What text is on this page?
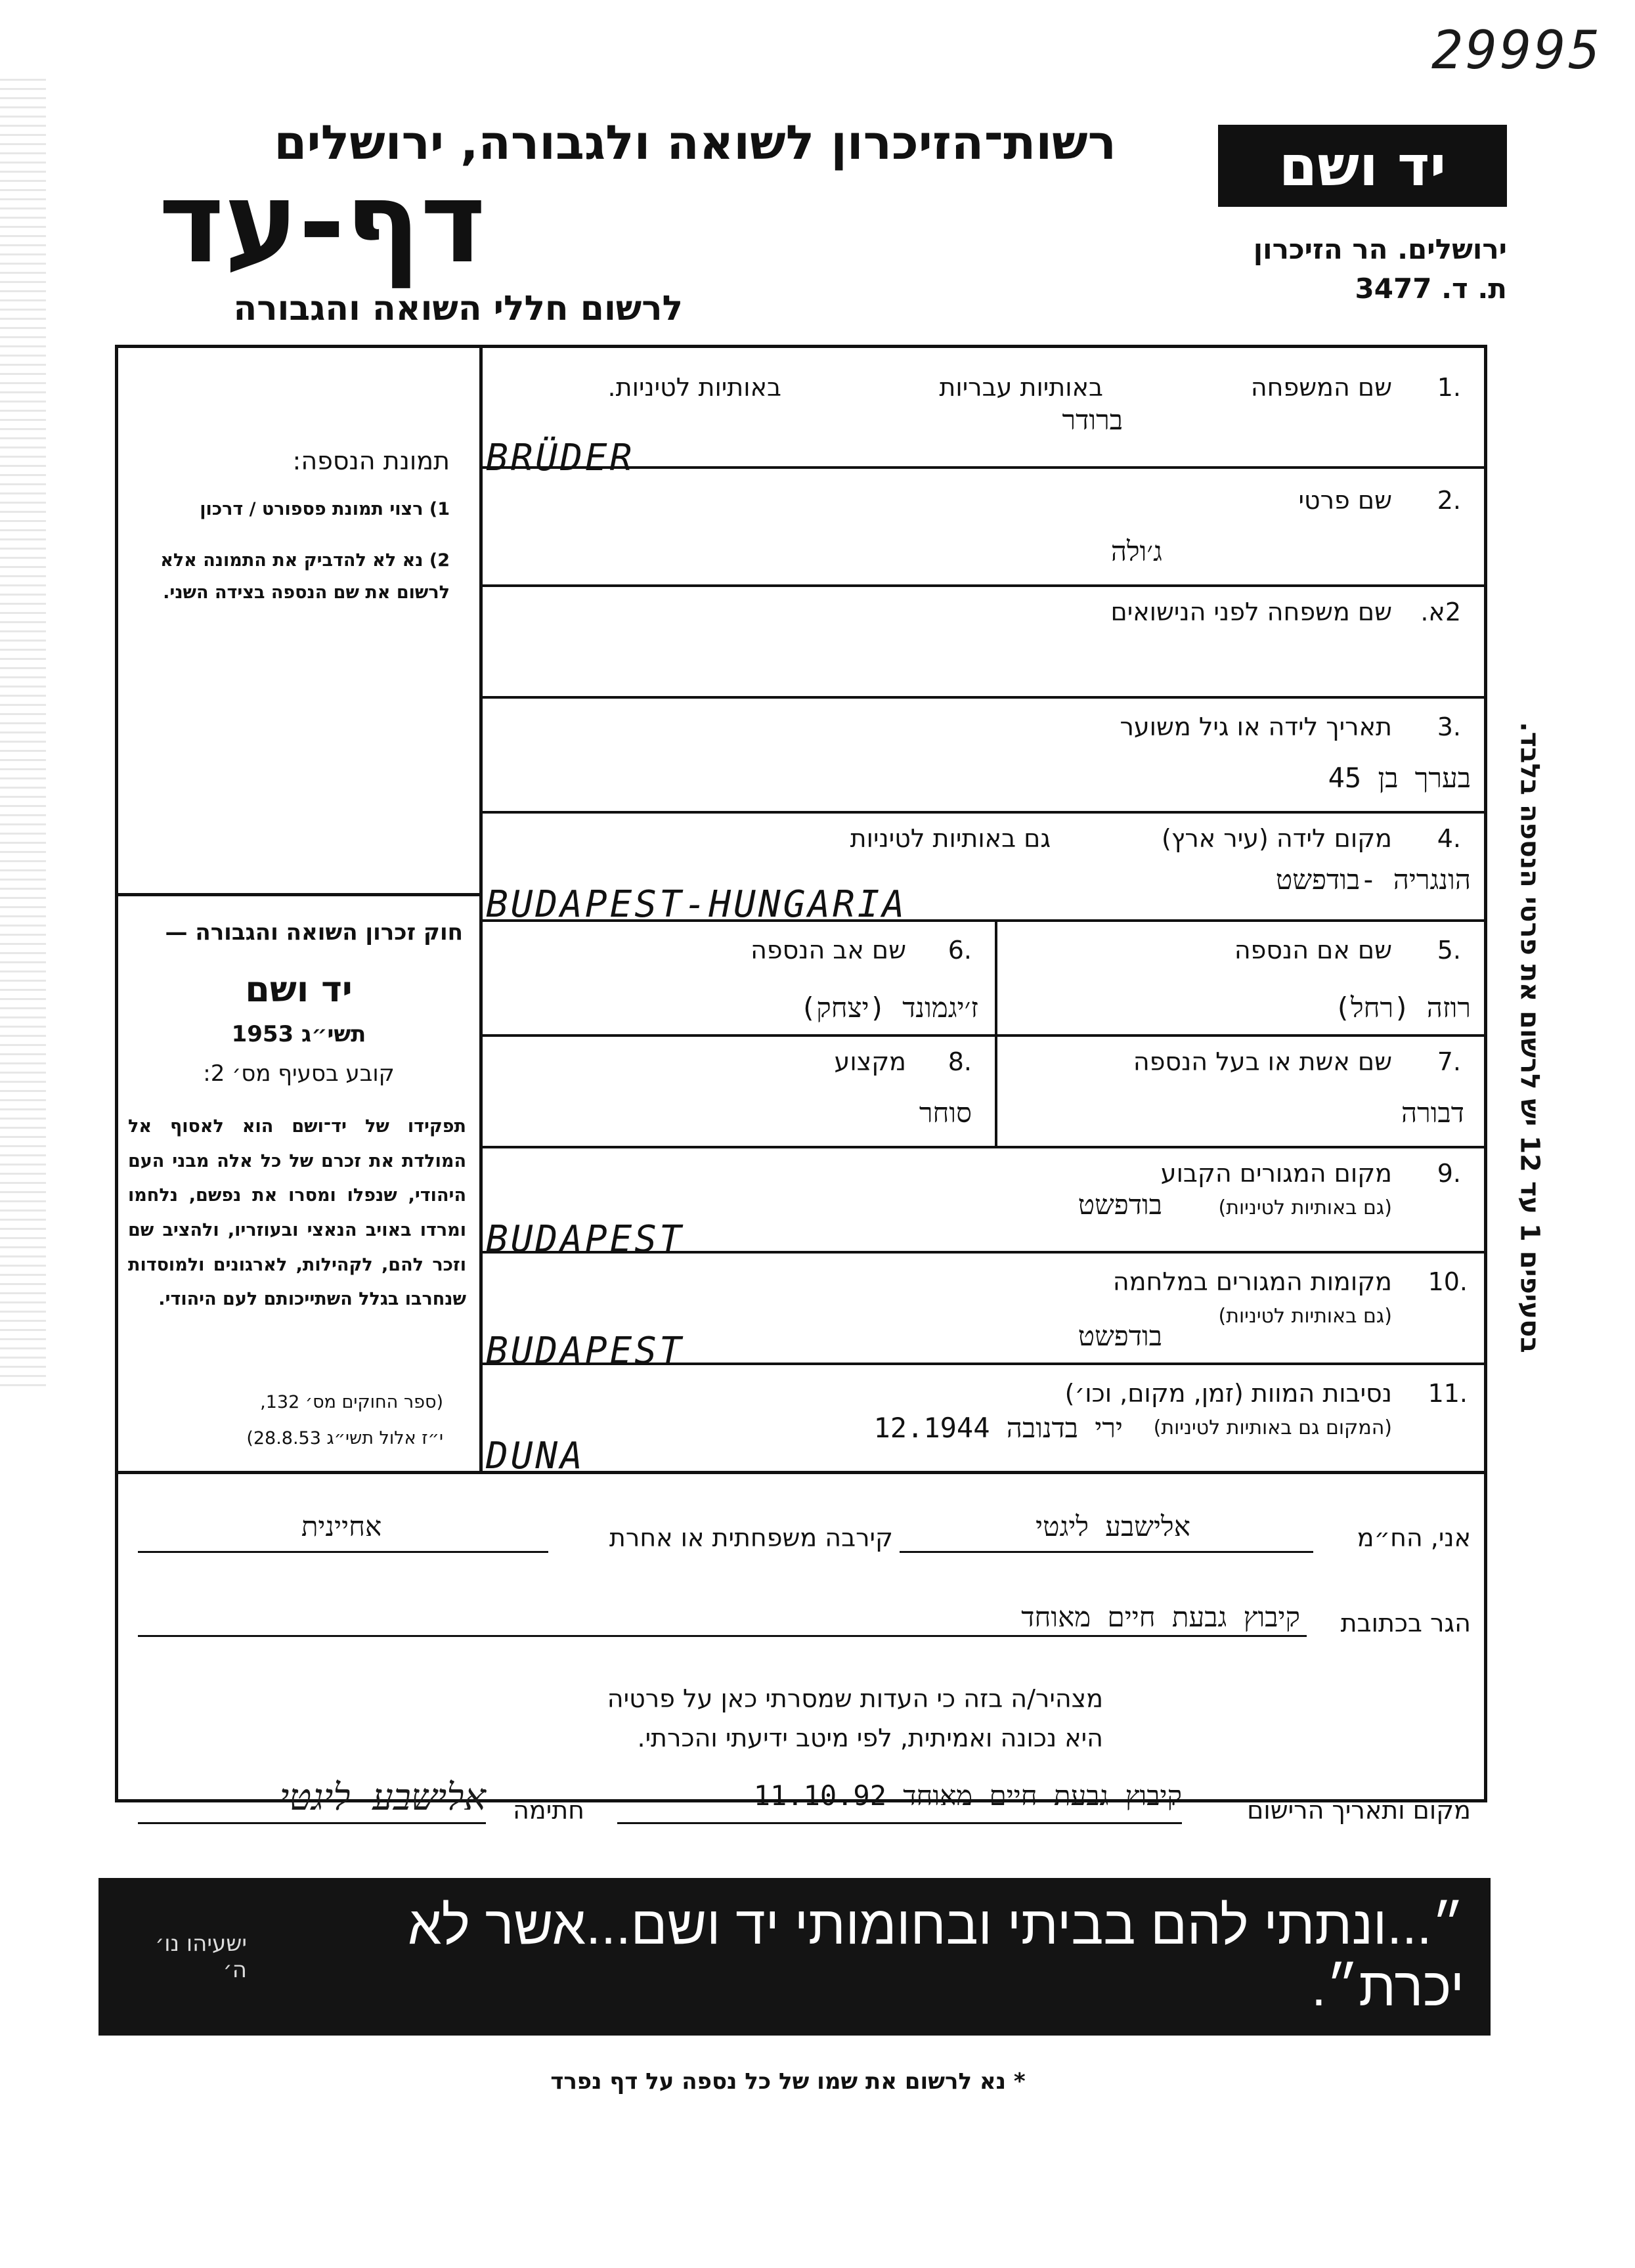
29995
רשות־הזיכרון לשואה ולגבורה, ירושלים
דף-עד
לרשום חללי השואה והגבורה
יד ושם
ירושלים. הר הזיכרון
ת. ד. 3477
תמונת הנספה:
1) רצוי תמונת פספורט / דרכון
2) נא לא להדביק את התמונה אלא לרשום את שם הנספה בצידה השני.
חוק זכרון השואה והגבורה —
יד ושם
תשי״ג 1953
קובע בסעיף מס׳ 2:
תפקידו של יד־ושם הוא לאסוף אל המולדת את זכרם של כל אלה מבני העם היהודי, שנפלו ומסרו את נפשם, נלחמו ומרדו באויב הנאצי ובעוזריו, ולהציב שם וזכר להם, לקהילות, לארגונים ולמוסדות שנחרבו בגלל השתייכותם לעם היהודי.
(ספר החוקים מס׳ 132,
י״ז אלול תשי״ג 28.8.53)
1.
שם המשפחה
באותיות עבריות
באותיות לטיניות.
ברודר
BRÜDER
2.
שם פרטי
ג׳ולה
2א.
שם משפחה לפני הנישואים
3.
תאריך לידה או גיל משוער
בערך בן 45
4.
מקום לידה (עיר ארץ)
גם באותיות לטיניות
הונגריה -בודפשט
BUDAPEST-HUNGARIA
5.
שם אם הנספה
רוזה (רחל)
6.
שם אב הנספה
ז׳יגמונד (יצחק)
7.
שם אשת או בעל הנספה
דבורה
8.
מקצוע
סוחר
9.
מקום המגורים הקבוע
(גם באותיות לטיניות)
בודפשט
BUDAPEST
10.
מקומות המגורים במלחמה
(גם באותיות לטיניות)
בודפשט
BUDAPEST
11.
נסיבות המוות (זמן, מקום, וכו׳)
(המקום גם באותיות לטיניות)
ירי בדנובה 12.1944
DUNA
בסעיפים 1 עד 12 יש לרשום את פרטי הנספה בלבד.
אני, הח״מ
אלישבע ליגטי
קירבה משפחתית או אחרת
אחיינית
הגר בכתובת
קיבוץ גבעת חיים מאוחד
מצהיר/ה בזה כי העדות שמסרתי כאן על פרטיה
היא נכונה ואמיתית, לפי מיטב ידיעתי והכרתי.
מקום ותאריך הרישום
קיבוץ גבעת חיים מאוחד 11.10.92
חתימה
אלישבע ליגטי
ישעיהו נו׳ ה׳
״...ונתתי להם בביתי ובחומותי יד ושם...אשר לא יכרת״.
* נא לרשום את שמו של כל נספה על דף נפרד
